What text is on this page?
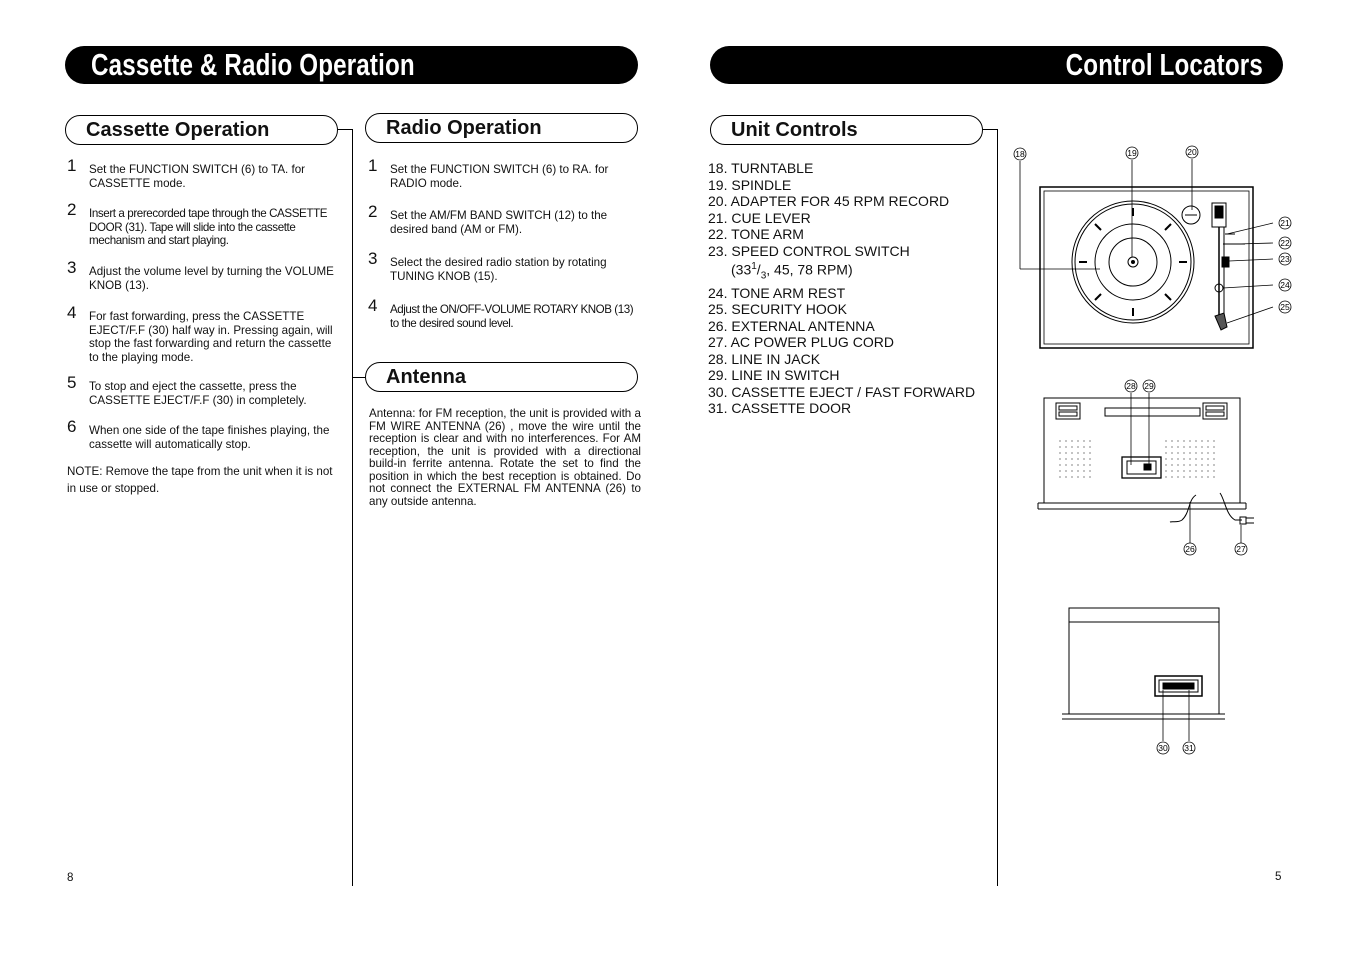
Cassette & Radio Operation
Cassette Operation
1 Set the FUNCTION SWITCH (6) to TA. for CASSETTE mode.
2 Insert a prerecorded tape through the CASSETTE DOOR (31). Tape will slide into the cassette mechanism and start playing.
3 Adjust the volume level by turning the VOLUME KNOB (13).
4 For fast forwarding, press the CASSETTE EJECT/F.F (30) half way in. Pressing again, will stop the fast forwarding and return the cassette to the playing mode.
5 To stop and eject the cassette, press the CASSETTE EJECT/F.F (30) in completely.
6 When one side of the tape finishes playing, the cassette will automatically stop.
NOTE: Remove the tape from the unit when it is not in use or stopped.
8
Radio Operation
1 Set the FUNCTION SWITCH (6) to RA. for RADIO mode.
2 Set the AM/FM BAND SWITCH (12) to the desired band (AM or FM).
3 Select the desired radio station by rotating TUNING KNOB (15).
4 Adjust the ON/OFF-VOLUME ROTARY KNOB (13) to the desired sound level.
Antenna
Antenna: for FM reception, the unit is provided with a FM WIRE ANTENNA (26) , move the wire until the reception is clear and with no interferences. For AM reception, the unit is provided with a directional build-in ferrite antenna. Rotate the set to find the position in which the best reception is obtained. Do not connect the EXTERNAL FM ANTENNA (26) to any outside antenna.
Control Locators
Unit Controls
18. TURNTABLE
19. SPINDLE
20. ADAPTER FOR 45 RPM RECORD
21. CUE LEVER
22. TONE ARM
23. SPEED CONTROL SWITCH
($33^1/_3$, 45, 78 RPM)
24. TONE ARM REST
25. SECURITY HOOK
26. EXTERNAL ANTENNA
27. AC POWER PLUG CORD
28. LINE IN JACK
29. LINE IN SWITCH
30. CASSETTE EJECT / FAST FORWARD
31. CASSETTE DOOR
5
18	19	20
21
22
23
24
25
28 29
26	27
30 31
